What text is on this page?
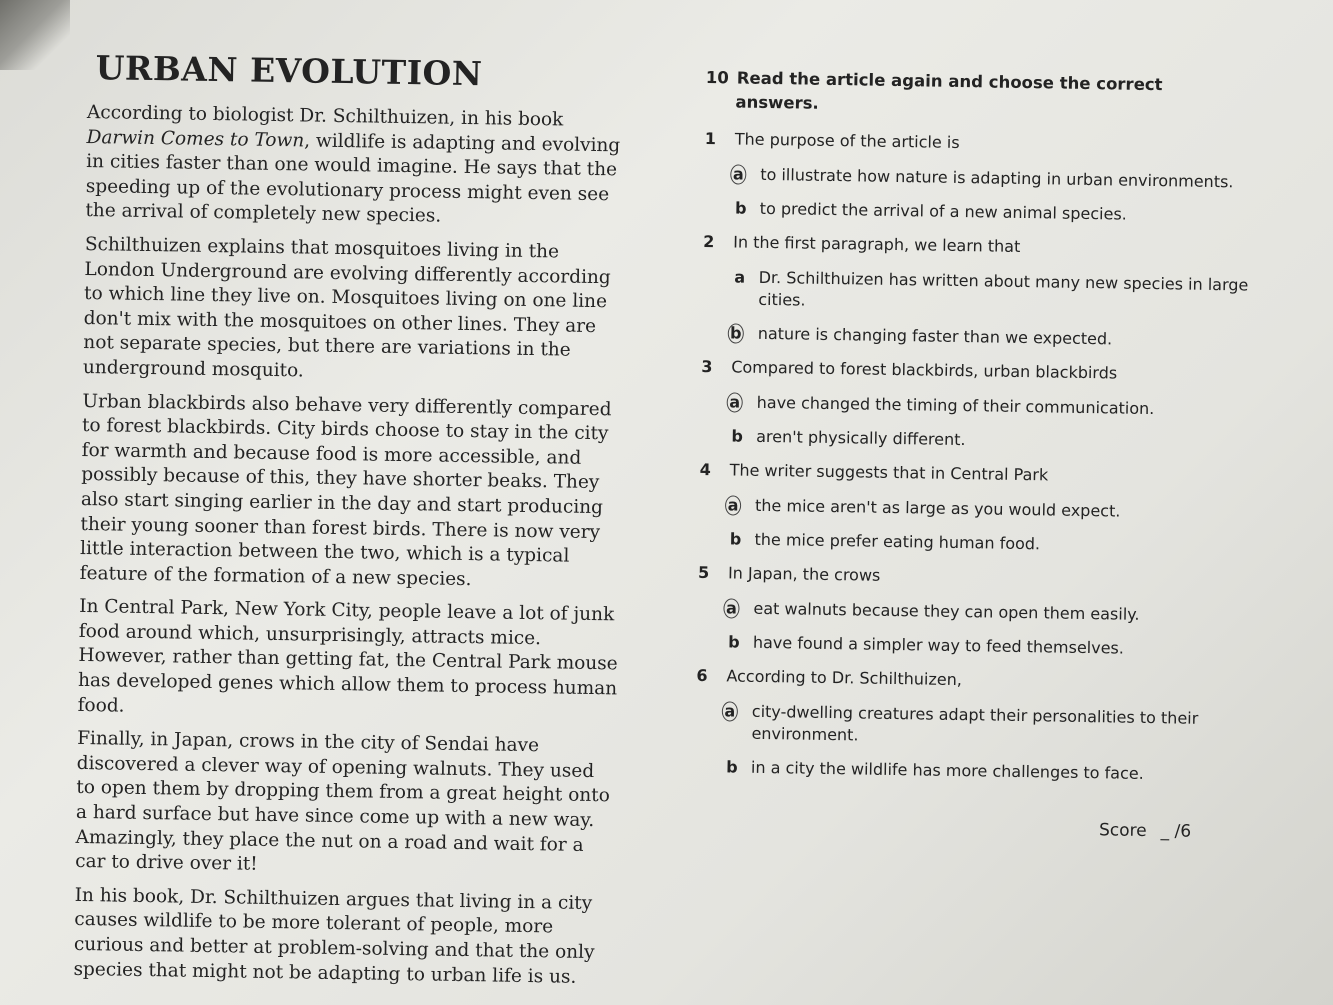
URBAN EVOLUTION

According to biologist Dr. Schilthuizen, in his book Darwin Comes to Town, wildlife is adapting and evolving in cities faster than one would imagine. He says that the speeding up of the evolutionary process might even see the arrival of completely new species.

Schilthuizen explains that mosquitoes living in the London Underground are evolving differently according to which line they live on. Mosquitoes living on one line don't mix with the mosquitoes on other lines. They are not separate species, but there are variations in the underground mosquito.

Urban blackbirds also behave very differently compared to forest blackbirds. City birds choose to stay in the city for warmth and because food is more accessible, and possibly because of this, they have shorter beaks. They also start singing earlier in the day and start producing their young sooner than forest birds. There is now very little interaction between the two, which is a typical feature of the formation of a new species.

In Central Park, New York City, people leave a lot of junk food around which, unsurprisingly, attracts mice. However, rather than getting fat, the Central Park mouse has developed genes which allow them to process human food.

Finally, in Japan, crows in the city of Sendai have discovered a clever way of opening walnuts. They used to open them by dropping them from a great height onto a hard surface but have since come up with a new way. Amazingly, they place the nut on a road and wait for a car to drive over it!

In his book, Dr. Schilthuizen argues that living in a city causes wildlife to be more tolerant of people, more curious and better at problem-solving and that the only species that might not be adapting to urban life is us.

10 Read the article again and choose the correct
answers.
1 The purpose of the article is
a to illustrate how nature is adapting in urban environments.
b to predict the arrival of a new animal species.
2 In the first paragraph, we learn that
a Dr. Schilthuizen has written about many new species in large cities.
b nature is changing faster than we expected.
3 Compared to forest blackbirds, urban blackbirds
a have changed the timing of their communication.
b aren't physically different.
4 The writer suggests that in Central Park
a the mice aren't as large as you would expect.
b the mice prefer eating human food.
5 In Japan, the crows
a eat walnuts because they can open them easily.
b have found a simpler way to feed themselves.
6 According to Dr. Schilthuizen,
a city-dwelling creatures adapt their personalities to their environment.
b in a city the wildlife has more challenges to face.
Score _ /6
